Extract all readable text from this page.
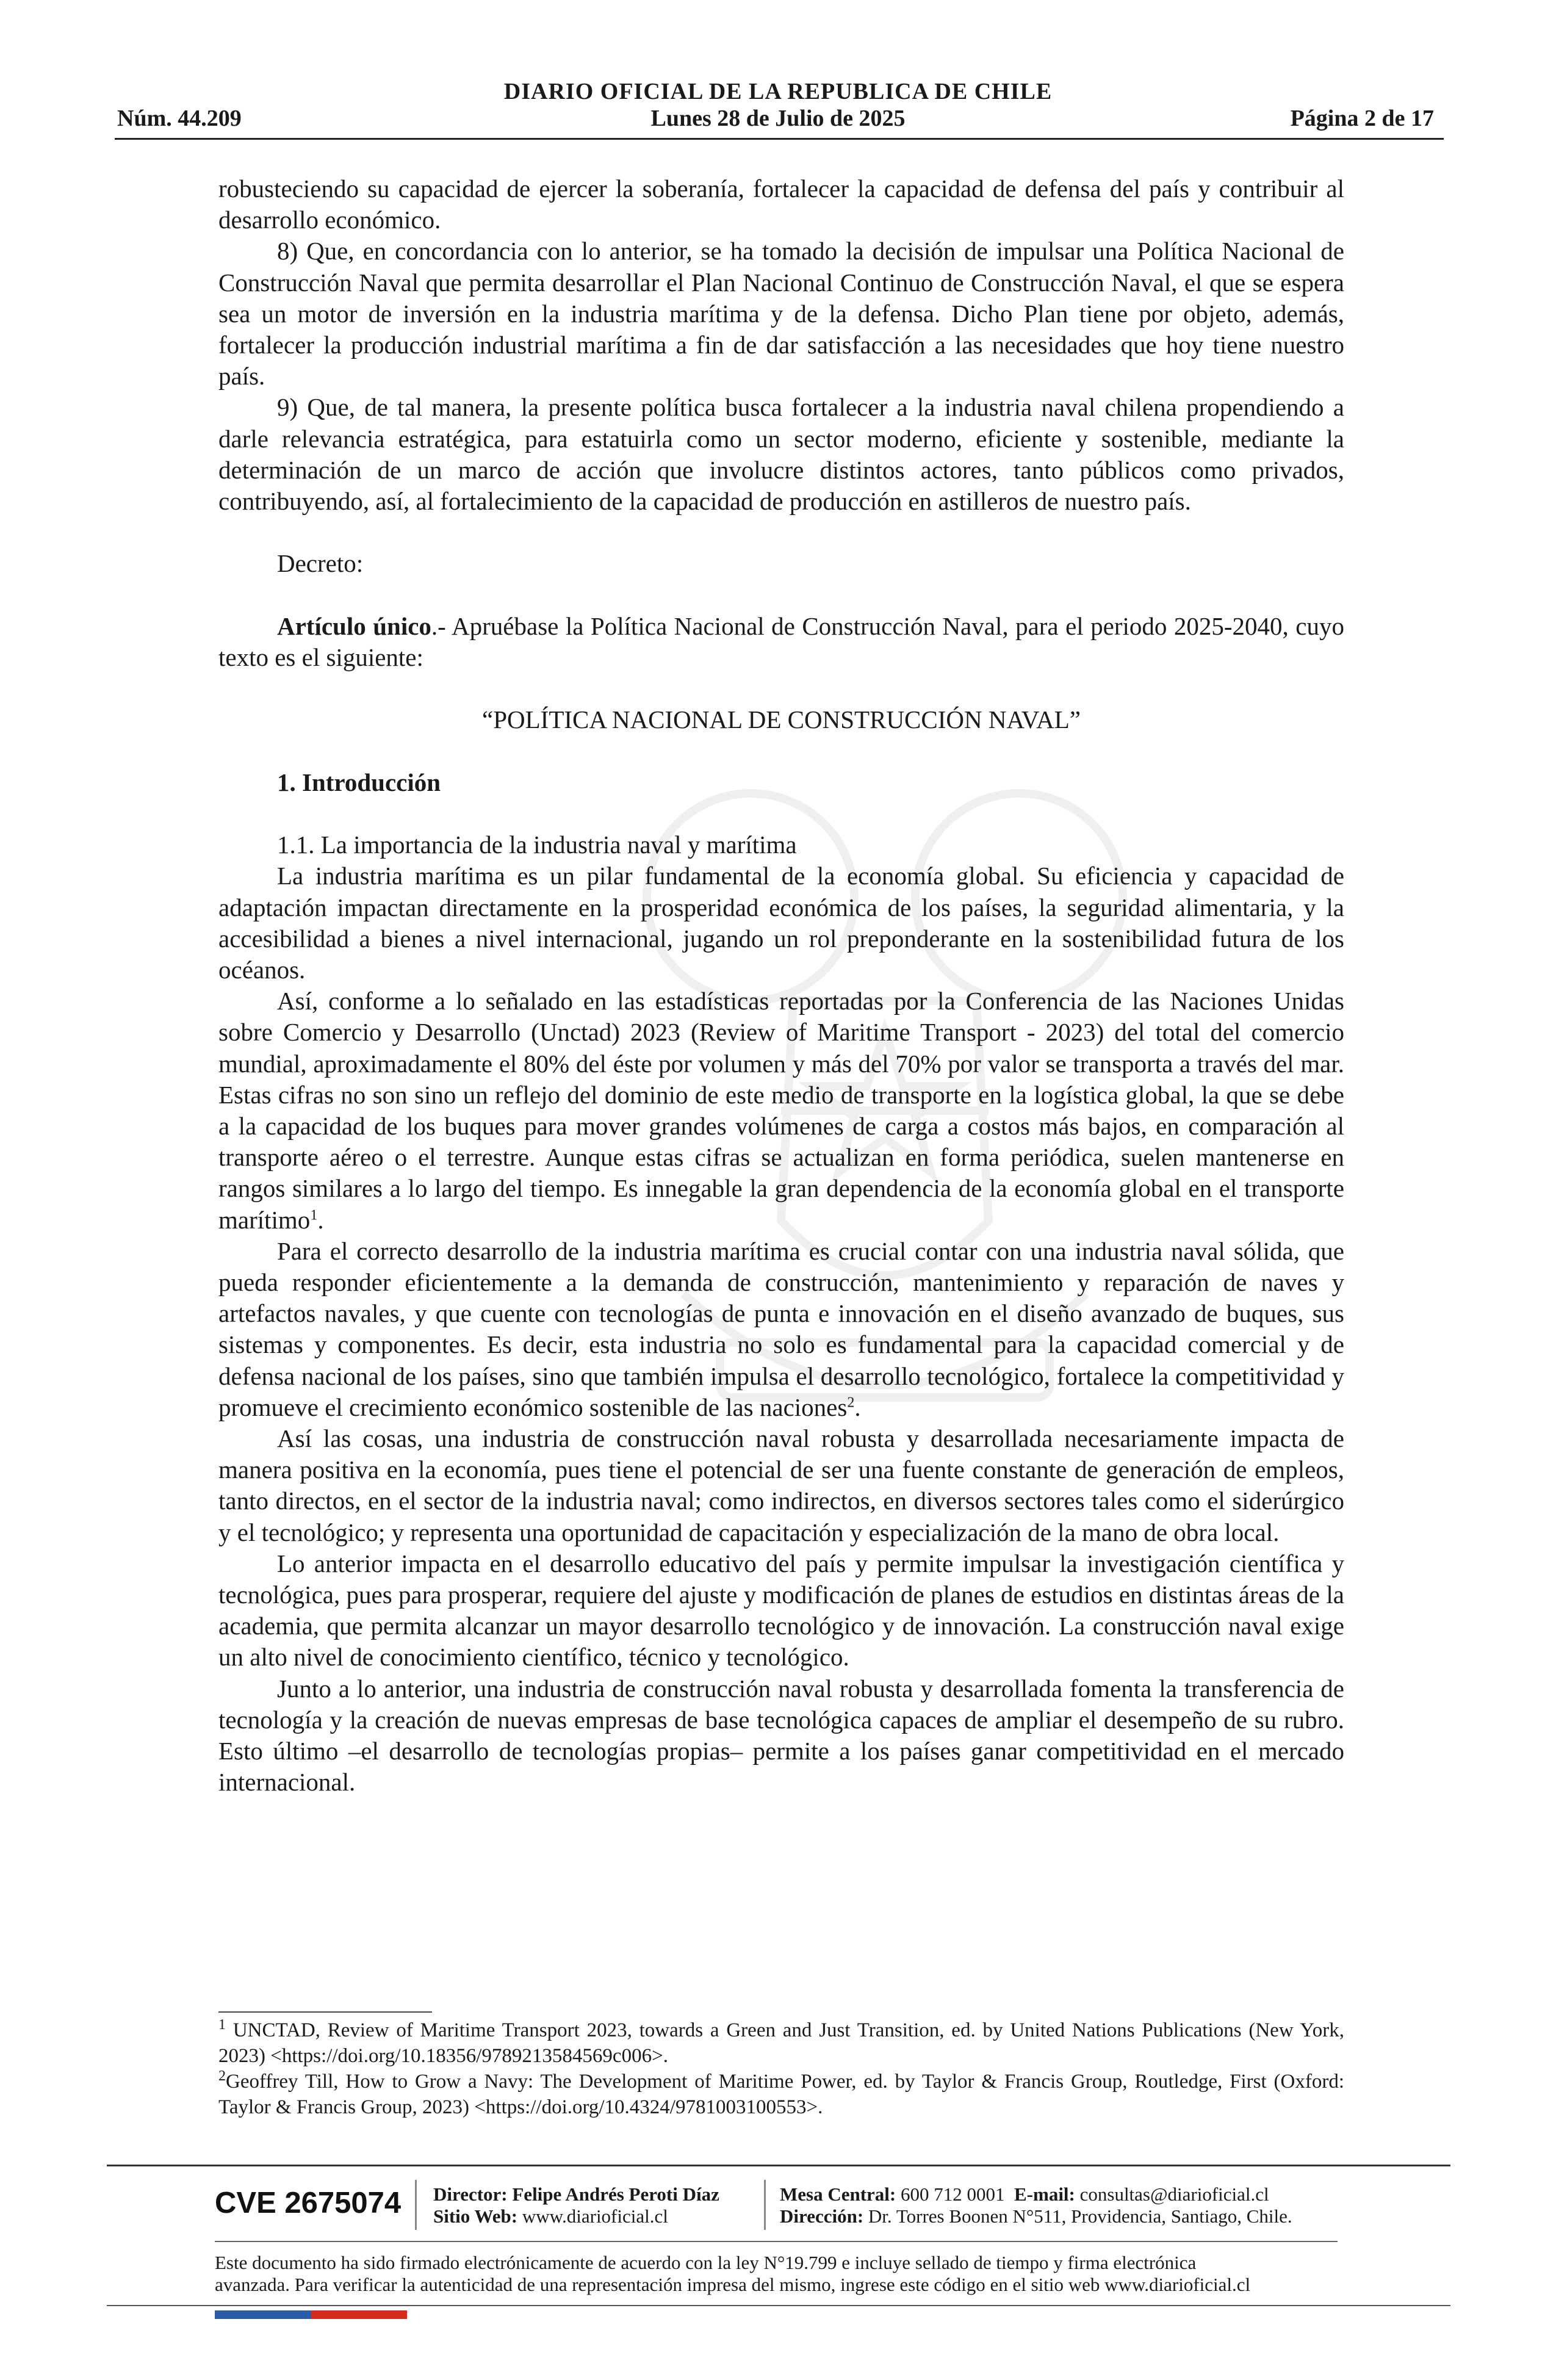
DIARIO OFICIAL DE LA REPUBLICA DE CHILE
Núm. 44.209	Lunes 28 de Julio de 2025	Página 2 de 17

robusteciendo su capacidad de ejercer la soberanía, fortalecer la capacidad de defensa del país y contribuir al desarrollo económico.

8) Que, en concordancia con lo anterior, se ha tomado la decisión de impulsar una Política Nacional de Construcción Naval que permita desarrollar el Plan Nacional Continuo de Construcción Naval, el que se espera sea un motor de inversión en la industria marítima y de la defensa. Dicho Plan tiene por objeto, además, fortalecer la producción industrial marítima a fin de dar satisfacción a las necesidades que hoy tiene nuestro país.

9) Que, de tal manera, la presente política busca fortalecer a la industria naval chilena propendiendo a darle relevancia estratégica, para estatuirla como un sector moderno, eficiente y sostenible, mediante la determinación de un marco de acción que involucre distintos actores, tanto públicos como privados, contribuyendo, así, al fortalecimiento de la capacidad de producción en astilleros de nuestro país.

Decreto:

Artículo único.- Apruébase la Política Nacional de Construcción Naval, para el periodo 2025-2040, cuyo texto es el siguiente:

“POLÍTICA NACIONAL DE CONSTRUCCIÓN NAVAL”

1. Introducción

1.1. La importancia de la industria naval y marítima

La industria marítima es un pilar fundamental de la economía global. Su eficiencia y capacidad de adaptación impactan directamente en la prosperidad económica de los países, la seguridad alimentaria, y la accesibilidad a bienes a nivel internacional, jugando un rol preponderante en la sostenibilidad futura de los océanos.

Así, conforme a lo señalado en las estadísticas reportadas por la Conferencia de las Naciones Unidas sobre Comercio y Desarrollo (Unctad) 2023 (Review of Maritime Transport - 2023) del total del comercio mundial, aproximadamente el 80% del éste por volumen y más del 70% por valor se transporta a través del mar. Estas cifras no son sino un reflejo del dominio de este medio de transporte en la logística global, la que se debe a la capacidad de los buques para mover grandes volúmenes de carga a costos más bajos, en comparación al transporte aéreo o el terrestre. Aunque estas cifras se actualizan en forma periódica, suelen mantenerse en rangos similares a lo largo del tiempo. Es innegable la gran dependencia de la economía global en el transporte marítimo$^1$.

Para el correcto desarrollo de la industria marítima es crucial contar con una industria naval sólida, que pueda responder eficientemente a la demanda de construcción, mantenimiento y reparación de naves y artefactos navales, y que cuente con tecnologías de punta e innovación en el diseño avanzado de buques, sus sistemas y componentes. Es decir, esta industria no solo es fundamental para la capacidad comercial y de defensa nacional de los países, sino que también impulsa el desarrollo tecnológico, fortalece la competitividad y promueve el crecimiento económico sostenible de las naciones$^2$.

Así las cosas, una industria de construcción naval robusta y desarrollada necesariamente impacta de manera positiva en la economía, pues tiene el potencial de ser una fuente constante de generación de empleos, tanto directos, en el sector de la industria naval; como indirectos, en diversos sectores tales como el siderúrgico y el tecnológico; y representa una oportunidad de capacitación y especialización de la mano de obra local.

Lo anterior impacta en el desarrollo educativo del país y permite impulsar la investigación científica y tecnológica, pues para prosperar, requiere del ajuste y modificación de planes de estudios en distintas áreas de la academia, que permita alcanzar un mayor desarrollo tecnológico y de innovación. La construcción naval exige un alto nivel de conocimiento científico, técnico y tecnológico.

Junto a lo anterior, una industria de construcción naval robusta y desarrollada fomenta la transferencia de tecnología y la creación de nuevas empresas de base tecnológica capaces de ampliar el desempeño de su rubro. Esto último –el desarrollo de tecnologías propias– permite a los países ganar competitividad en el mercado internacional.

$^1$ UNCTAD, Review of Maritime Transport 2023, towards a Green and Just Transition, ed. by United Nations Publications (New York, 2023) <https://doi.org/10.18356/9789213584569c006>.

$^2$Geoffrey Till, How to Grow a Navy: The Development of Maritime Power, ed. by Taylor & Francis Group, Routledge, First (Oxford: Taylor & Francis Group, 2023) <https://doi.org/10.4324/9781003100553>.

CVE 2675074 Director: Felipe Andrés Peroti Díaz
Sitio Web: www.diarioficial.cl
Mesa Central: 600 712 0001 E-mail: consultas@diarioficial.cl
Dirección: Dr. Torres Boonen N°511, Providencia, Santiago, Chile.
Este documento ha sido firmado electrónicamente de acuerdo con la ley N°19.799 e incluye sellado de tiempo y firma electrónica
avanzada. Para verificar la autenticidad de una representación impresa del mismo, ingrese este código en el sitio web www.diarioficial.cl
